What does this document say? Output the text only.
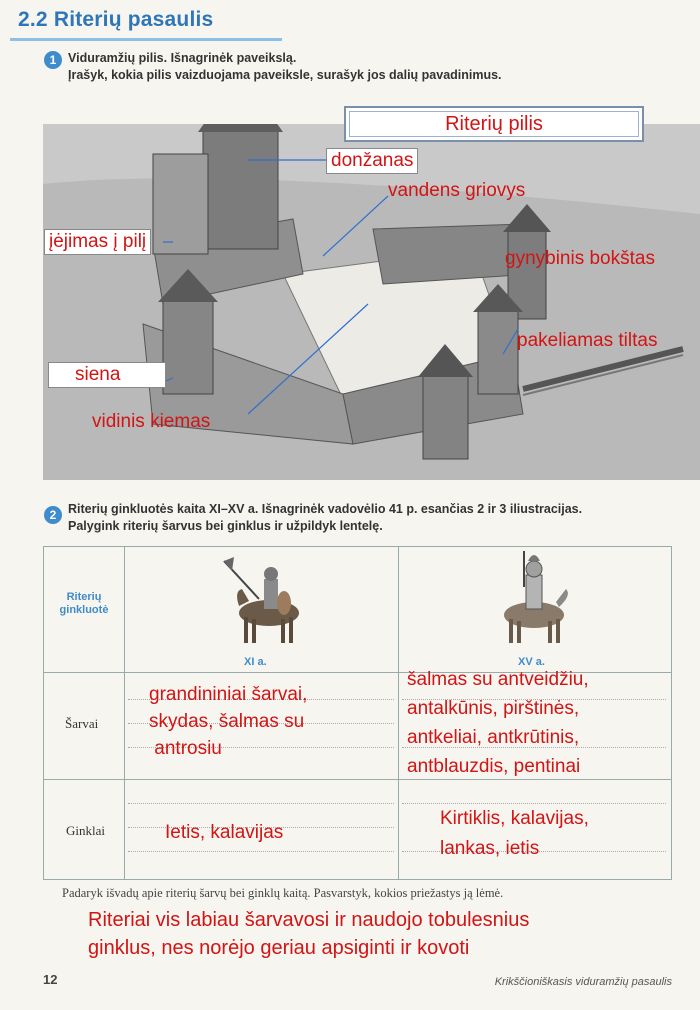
2.2 Riterių pasaulis
1 Viduramžių pilis. Išnagrinėk paveikslą.
Įrašyk, kokia pilis vaizduojama paveiksle, surašyk jos dalių pavadinimus.
Riterių pilis
donžanas
vandens griovys
įėjimas į pilį
gynybinis bokštas
pakeliamas tiltas
siena
vidinis kiemas
2 Riterių ginkluotės kaita XI–XV a. Išnagrinėk vadovėlio 41 p. esančias 2 ir 3 iliustracijas.
Palygink riterių šarvus bei ginklus ir užpildyk lentelę.
Riterių
ginkluotė
XI a.	XV a.
Šarvai
Ginklai
grandininiai šarvai,
skydas, šalmas su
antrosiu
šalmas su antveidžiu,
antalkūnis, pirštinės,
antkeliai, antkrūtinis,
antblauzdis, pentinai
Ietis, kalavijas
Kirtiklis, kalavijas,
lankas, ietis
Padaryk išvadų apie riterių šarvų bei ginklų kaitą. Pasvarstyk, kokios priežastys ją lėmė.
Riteriai vis labiau šarvavosi ir naudojo tobulesnius
ginklus, nes norėjo geriau apsiginti ir kovoti
12	Krikščioniškasis viduramžių pasaulis
